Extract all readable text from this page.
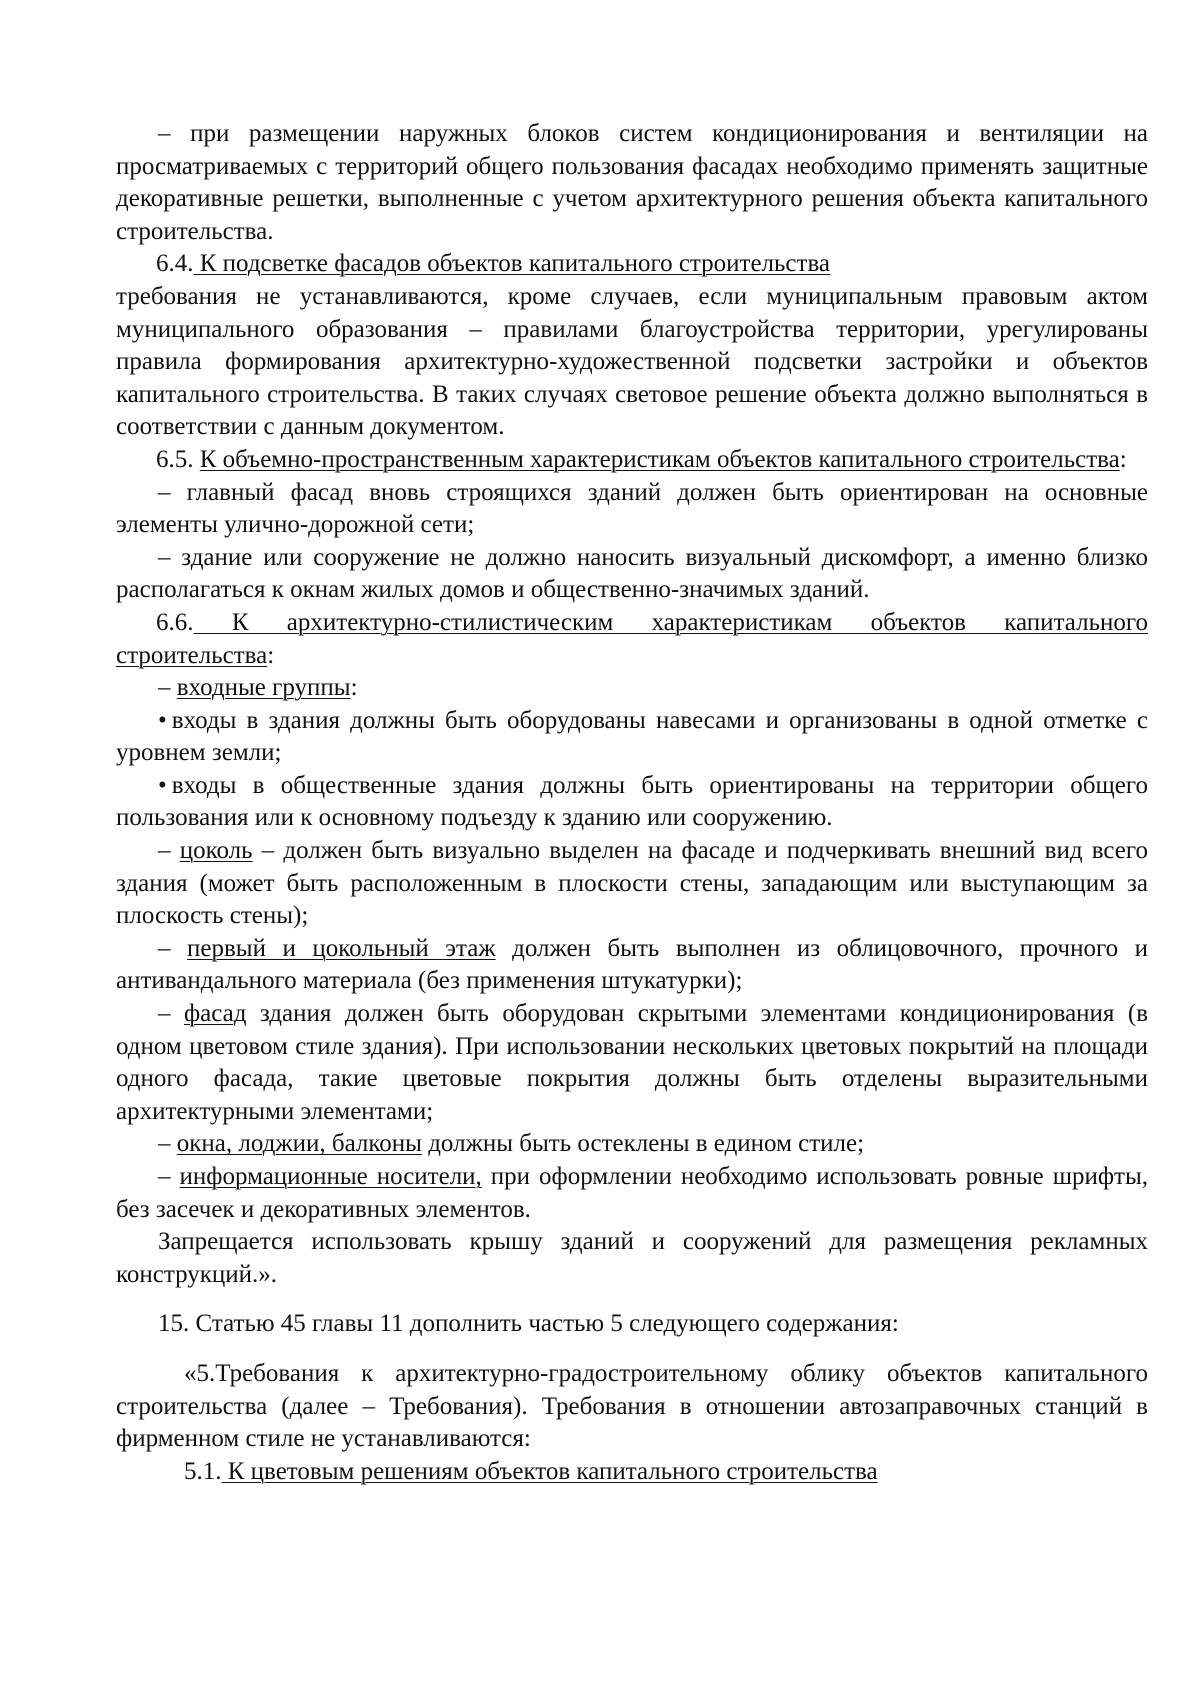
– при размещении наружных блоков систем кондиционирования и вентиляции на просматриваемых с территорий общего пользования фасадах необходимо применять защитные декоративные решетки, выполненные с учетом архитектурного решения объекта капитального строительства.

6.4. К подсветке фасадов объектов капитального строительства
требования не устанавливаются, кроме случаев, если муниципальным правовым актом муниципального образования – правилами благоустройства территории, урегулированы правила формирования архитектурно-художественной подсветки застройки и объектов капитального строительства. В таких случаях световое решение объекта должно выполняться в соответствии с данным документом.

6.5. К объемно-пространственным характеристикам объектов капитального строительства:

– главный фасад вновь строящихся зданий должен быть ориентирован на основные элементы улично-дорожной сети;

– здание или сооружение не должно наносить визуальный дискомфорт, а именно близко располагаться к окнам жилых домов и общественно-значимых зданий.

6.6. К архитектурно-стилистическим характеристикам объектов капитального строительства:

– входные группы:

• входы в здания должны быть оборудованы навесами и организованы в одной отметке с уровнем земли;

• входы в общественные здания должны быть ориентированы на территории общего пользования или к основному подъезду к зданию или сооружению.

– цоколь – должен быть визуально выделен на фасаде и подчеркивать внешний вид всего здания (может быть расположенным в плоскости стены, западающим или выступающим за плоскость стены);

– первый и цокольный этаж должен быть выполнен из облицовочного, прочного и антивандального материала (без применения штукатурки);

– фасад здания должен быть оборудован скрытыми элементами кондиционирования (в одном цветовом стиле здания). При использовании нескольких цветовых покрытий на площади одного фасада, такие цветовые покрытия должны быть отделены выразительными архитектурными элементами;

– окна, лоджии, балконы должны быть остеклены в едином стиле;

– информационные носители, при оформлении необходимо использовать ровные шрифты, без засечек и декоративных элементов.

Запрещается использовать крышу зданий и сооружений для размещения рекламных конструкций.».

15. Статью 45 главы 11 дополнить частью 5 следующего содержания:

«5.Требования к архитектурно-градостроительному облику объектов капитального строительства (далее – Требования). Требования в отношении автозаправочных станций в фирменном стиле не устанавливаются:

5.1. К цветовым решениям объектов капитального строительства
